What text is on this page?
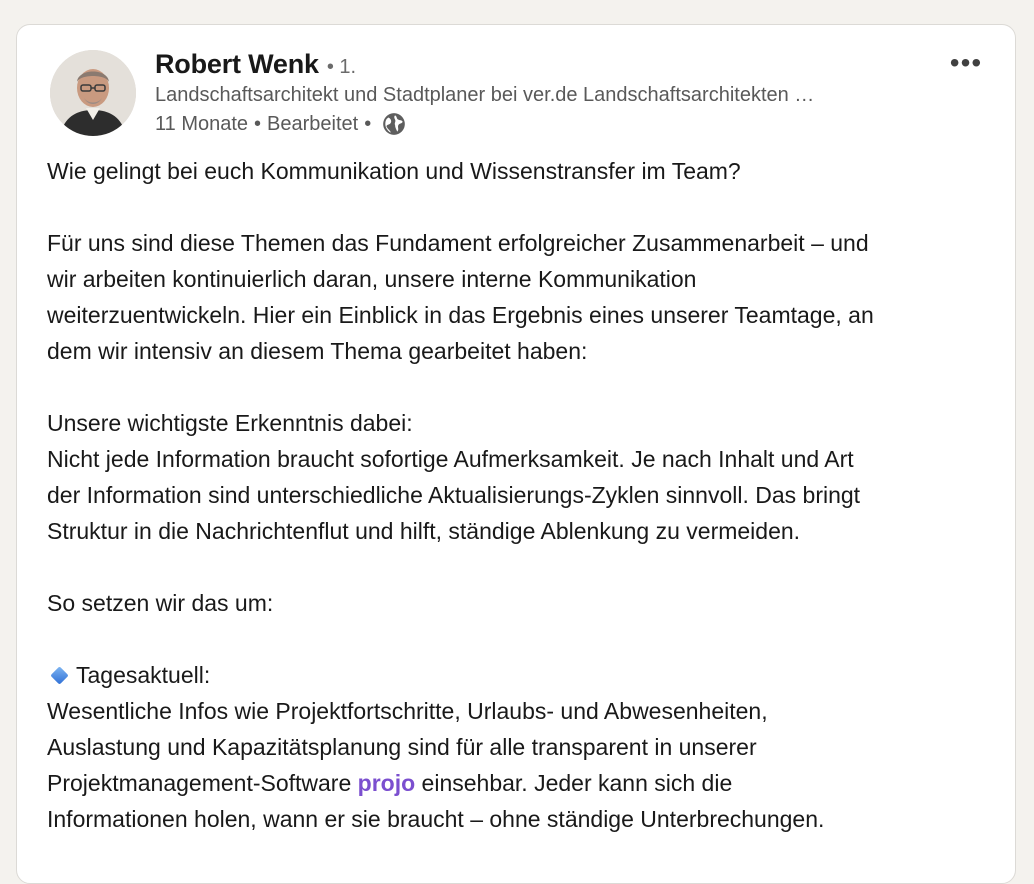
Robert Wenk • 1.
Landschaftsarchitekt und Stadtplaner bei ver.de Landschaftsarchitekten …
11 Monate • Bearbeitet •
•••

Wie gelingt bei euch Kommunikation und Wissenstransfer im Team?

Für uns sind diese Themen das Fundament erfolgreicher Zusammenarbeit – und

wir arbeiten kontinuierlich daran, unsere interne Kommunikation

weiterzuentwickeln. Hier ein Einblick in das Ergebnis eines unserer Teamtage, an

dem wir intensiv an diesem Thema gearbeitet haben:

Unsere wichtigste Erkenntnis dabei:

Nicht jede Information braucht sofortige Aufmerksamkeit. Je nach Inhalt und Art

der Information sind unterschiedliche Aktualisierungs-Zyklen sinnvoll. Das bringt

Struktur in die Nachrichtenflut und hilft, ständige Ablenkung zu vermeiden.

So setzen wir das um:

Tagesaktuell:

Wesentliche Infos wie Projektfortschritte, Urlaubs- und Abwesenheiten,

Auslastung und Kapazitätsplanung sind für alle transparent in unserer

Projektmanagement-Software projo einsehbar. Jeder kann sich die

Informationen holen, wann er sie braucht – ohne ständige Unterbrechungen.
